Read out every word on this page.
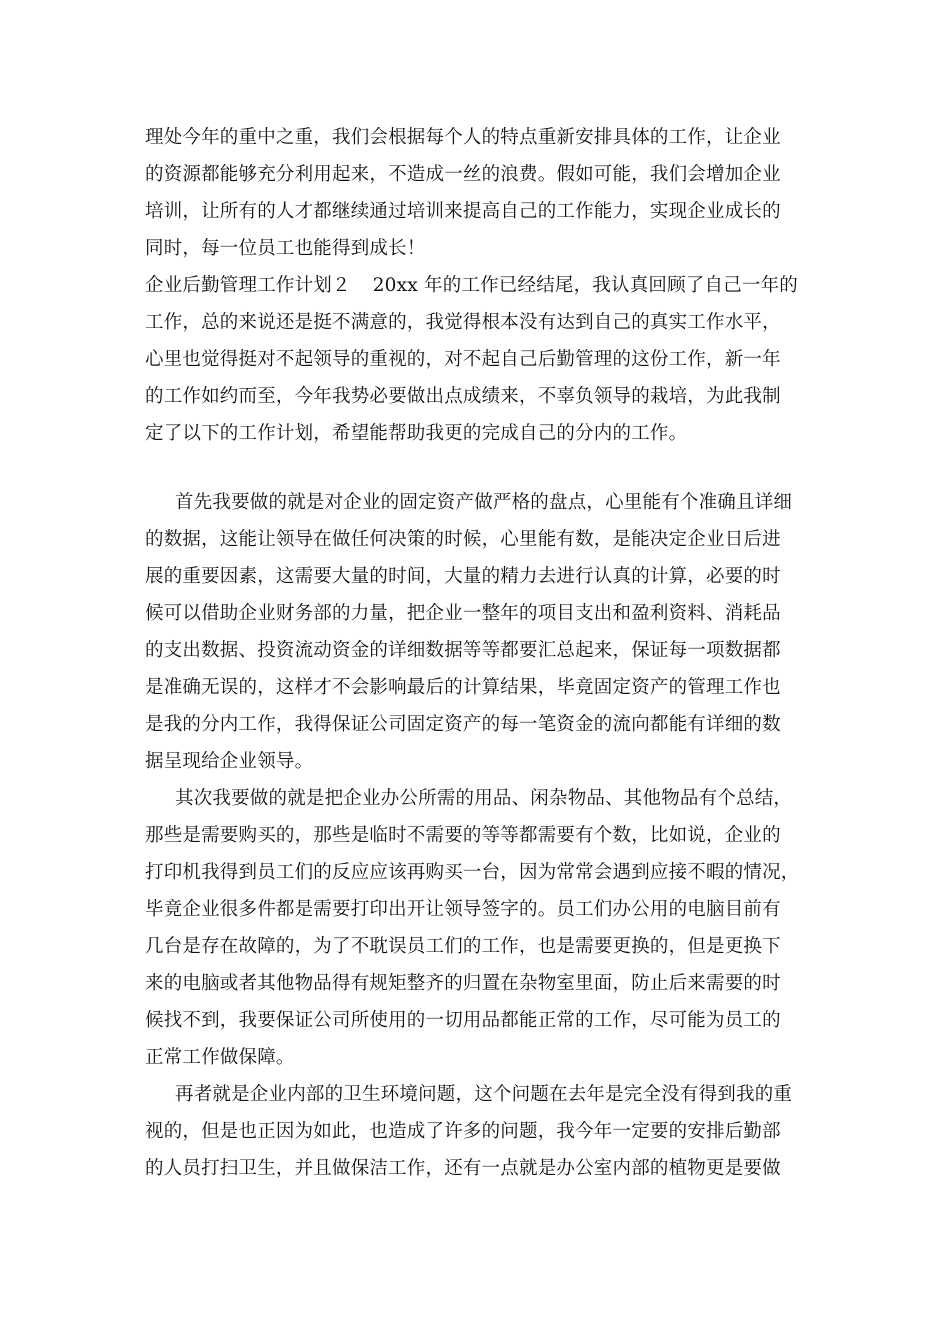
理处今年的重中之重，我们会根据每个人的特点重新安排具体的工作，让企业
的资源都能够充分利用起来，不造成一丝的浪费。假如可能，我们会增加企业
培训，让所有的人才都继续通过培训来提高自己的工作能力，实现企业成长的
同时，每一位员工也能得到成长！
企业后勤管理工作计划２ 20xx 年的工作已经结尾，我认真回顾了自己一年的
工作，总的来说还是挺不满意的，我觉得根本没有达到自己的真实工作水平，
心里也觉得挺对不起领导的重视的，对不起自己后勤管理的这份工作，新一年
的工作如约而至，今年我势必要做出点成绩来，不辜负领导的栽培，为此我制
定了以下的工作计划，希望能帮助我更的完成自己的分内的工作。
首先我要做的就是对企业的固定资产做严格的盘点，心里能有个准确且详细
的数据，这能让领导在做任何决策的时候，心里能有数，是能决定企业日后进
展的重要因素，这需要大量的时间，大量的精力去进行认真的计算，必要的时
候可以借助企业财务部的力量，把企业一整年的项目支出和盈利资料、消耗品
的支出数据、投资流动资金的详细数据等等都要汇总起来，保证每一项数据都
是准确无误的，这样才不会影响最后的计算结果，毕竟固定资产的管理工作也
是我的分内工作，我得保证公司固定资产的每一笔资金的流向都能有详细的数
据呈现给企业领导。
其次我要做的就是把企业办公所需的用品、闲杂物品、其他物品有个总结，
那些是需要购买的，那些是临时不需要的等等都需要有个数，比如说，企业的
打印机我得到员工们的反应应该再购买一台，因为常常会遇到应接不暇的情况，
毕竟企业很多件都是需要打印出开让领导签字的。员工们办公用的电脑目前有
几台是存在故障的，为了不耽误员工们的工作，也是需要更换的，但是更换下
来的电脑或者其他物品得有规矩整齐的归置在杂物室里面，防止后来需要的时
候找不到，我要保证公司所使用的一切用品都能正常的工作，尽可能为员工的
正常工作做保障。
再者就是企业内部的卫生环境问题，这个问题在去年是完全没有得到我的重
视的，但是也正因为如此，也造成了许多的问题，我今年一定要的安排后勤部
的人员打扫卫生，并且做保洁工作，还有一点就是办公室内部的植物更是要做
